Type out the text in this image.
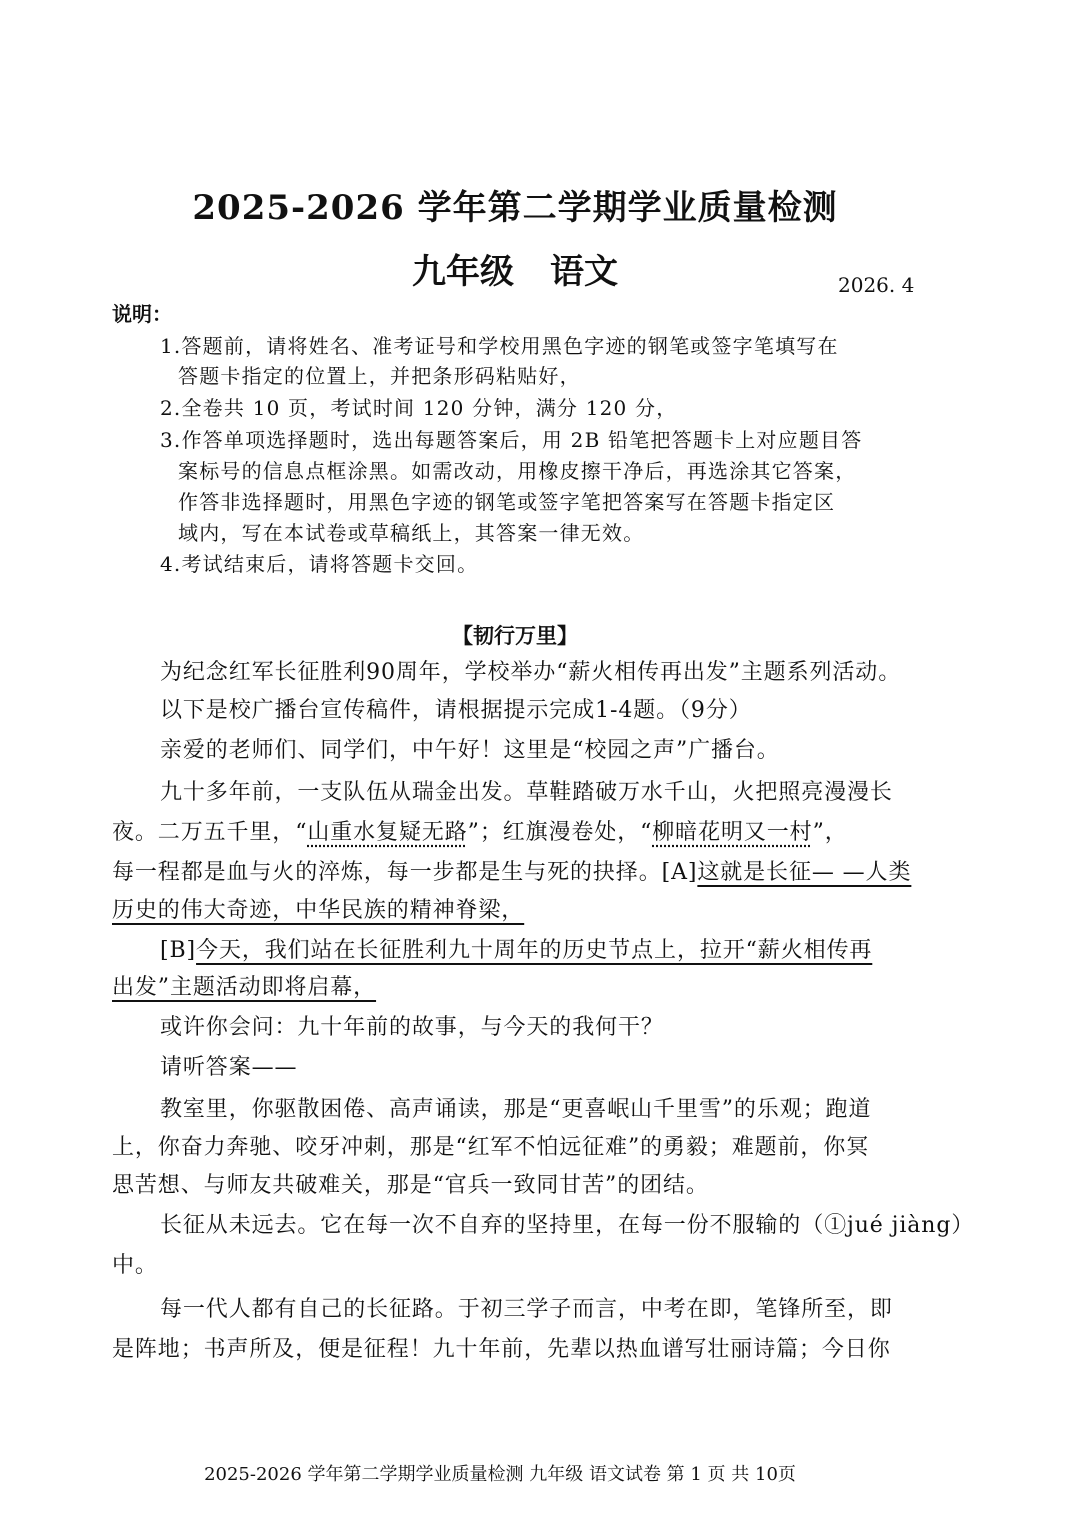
2025-2026 学年第二学期学业质量检测
九年级 语文	2026. 4
说明：
1.答题前，请将姓名、准考证号和学校用黑色字迹的钢笔或签字笔填写在
答题卡指定的位置上，并把条形码粘贴好，
2.全卷共 10 页，考试时间 120 分钟，满分 120 分，
3.作答单项选择题时，选出每题答案后，用 2B 铅笔把答题卡上对应题目答
案标号的信息点框涂黑。如需改动，用橡皮擦干净后，再选涂其它答案，
作答非选择题时，用黑色字迹的钢笔或签字笔把答案写在答题卡指定区
域内，写在本试卷或草稿纸上，其答案一律无效。
4.考试结束后，请将答题卡交回。
【韧行万里】
为纪念红军长征胜利90周年，学校举办“薪火相传再出发”主题系列活动。
以下是校广播台宣传稿件，请根据提示完成1-4题。（9分）
亲爱的老师们、同学们，中午好！这里是“校园之声”广播台。
九十多年前，一支队伍从瑞金出发。草鞋踏破万水千山，火把照亮漫漫长
夜。二万五千里，“山重水复疑无路”；红旗漫卷处，“柳暗花明又一村”，
每一程都是血与火的淬炼，每一步都是生与死的抉择。[A]这就是长征— —人类
历史的伟大奇迹，中华民族的精神脊梁，
[B]今天，我们站在长征胜利九十周年的历史节点上，拉开“薪火相传再
出发”主题活动即将启幕，
或许你会问：九十年前的故事，与今天的我何干？
请听答案——
教室里，你驱散困倦、高声诵读，那是“更喜岷山千里雪”的乐观；跑道
上，你奋力奔驰、咬牙冲刺，那是“红军不怕远征难”的勇毅；难题前，你冥
思苦想、与师友共破难关，那是“官兵一致同甘苦”的团结。
长征从未远去。它在每一次不自弃的坚持里，在每一份不服输的（①jué jiàng）
中。
每一代人都有自己的长征路。于初三学子而言，中考在即，笔锋所至，即
是阵地；书声所及，便是征程！九十年前，先辈以热血谱写壮丽诗篇；今日你
2025-2026 学年第二学期学业质量检测 九年级 语文试卷 第 1 页 共 10页
